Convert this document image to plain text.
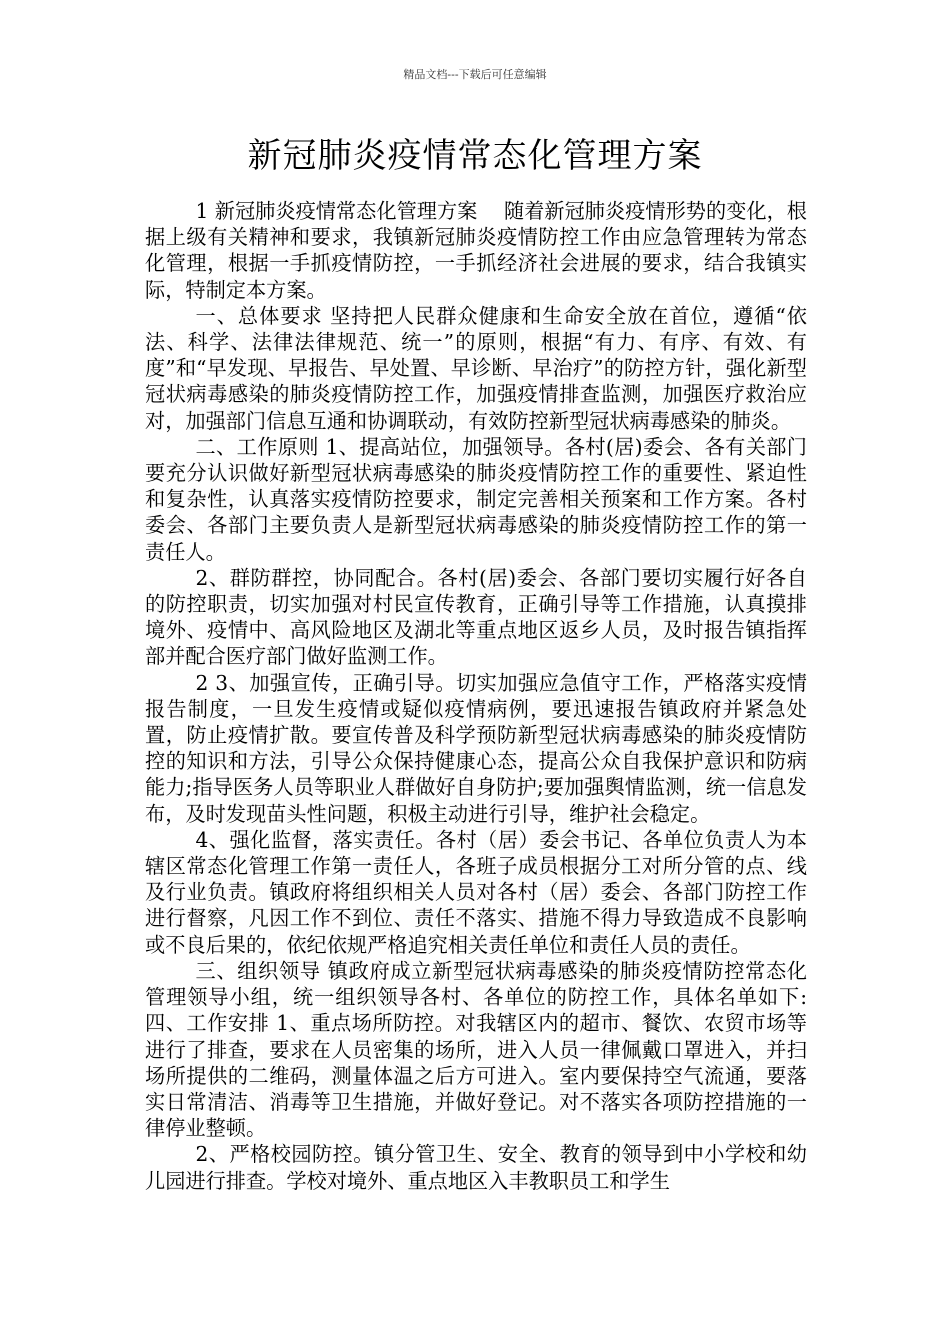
精品文档---下载后可任意编辑
新冠肺炎疫情常态化管理方案

1 新冠肺炎疫情常态化管理方案　 随着新冠肺炎疫情形势的变化，根据上级有关精神和要求，我镇新冠肺炎疫情防控工作由应急管理转为常态化管理，根据一手抓疫情防控，一手抓经济社会进展的要求，结合我镇实际，特制定本方案。

一、总体要求 坚持把人民群众健康和生命安全放在首位，遵循“依法、科学、法律法律规范、统一”的原则，根据“有力、有序、有效、有度”和“早发现、早报告、早处置、早诊断、早治疗”的防控方针，强化新型冠状病毒感染的肺炎疫情防控工作，加强疫情排查监测，加强医疗救治应对，加强部门信息互通和协调联动，有效防控新型冠状病毒感染的肺炎。

二、工作原则 1、提高站位，加强领导。各村(居)委会、各有关部门要充分认识做好新型冠状病毒感染的肺炎疫情防控工作的重要性、紧迫性和复杂性，认真落实疫情防控要求，制定完善相关预案和工作方案。各村委会、各部门主要负责人是新型冠状病毒感染的肺炎疫情防控工作的第一责任人。

2、群防群控，协同配合。各村(居)委会、各部门要切实履行好各自的防控职责，切实加强对村民宣传教育，正确引导等工作措施，认真摸排境外、疫情中、高风险地区及湖北等重点地区返乡人员，及时报告镇指挥部并配合医疗部门做好监测工作。

2 3、加强宣传，正确引导。切实加强应急值守工作，严格落实疫情报告制度，一旦发生疫情或疑似疫情病例，要迅速报告镇政府并紧急处置，防止疫情扩散。要宣传普及科学预防新型冠状病毒感染的肺炎疫情防控的知识和方法，引导公众保持健康心态，提高公众自我保护意识和防病能力;指导医务人员等职业人群做好自身防护;要加强舆情监测，统一信息发布，及时发现苗头性问题，积极主动进行引导，维护社会稳定。

4、强化监督，落实责任。各村（居）委会书记、各单位负责人为本辖区常态化管理工作第一责任人，各班子成员根据分工对所分管的点、线及行业负责。镇政府将组织相关人员对各村（居）委会、各部门防控工作进行督察，凡因工作不到位、责任不落实、措施不得力导致造成不良影响或不良后果的，依纪依规严格追究相关责任单位和责任人员的责任。

三、组织领导 镇政府成立新型冠状病毒感染的肺炎疫情防控常态化管理领导小组，统一组织领导各村、各单位的防控工作，具体名单如下: 四、工作安排 1、重点场所防控。对我辖区内的超市、餐饮、农贸市场等进行了排查，要求在人员密集的场所，进入人员一律佩戴口罩进入，并扫场所提供的二维码，测量体温之后方可进入。室内要保持空气流通，要落实日常清洁、消毒等卫生措施，并做好登记。对不落实各项防控措施的一律停业整顿。

2、严格校园防控。镇分管卫生、安全、教育的领导到中小学校和幼儿园进行排查。学校对境外、重点地区入丰教职员工和学生
